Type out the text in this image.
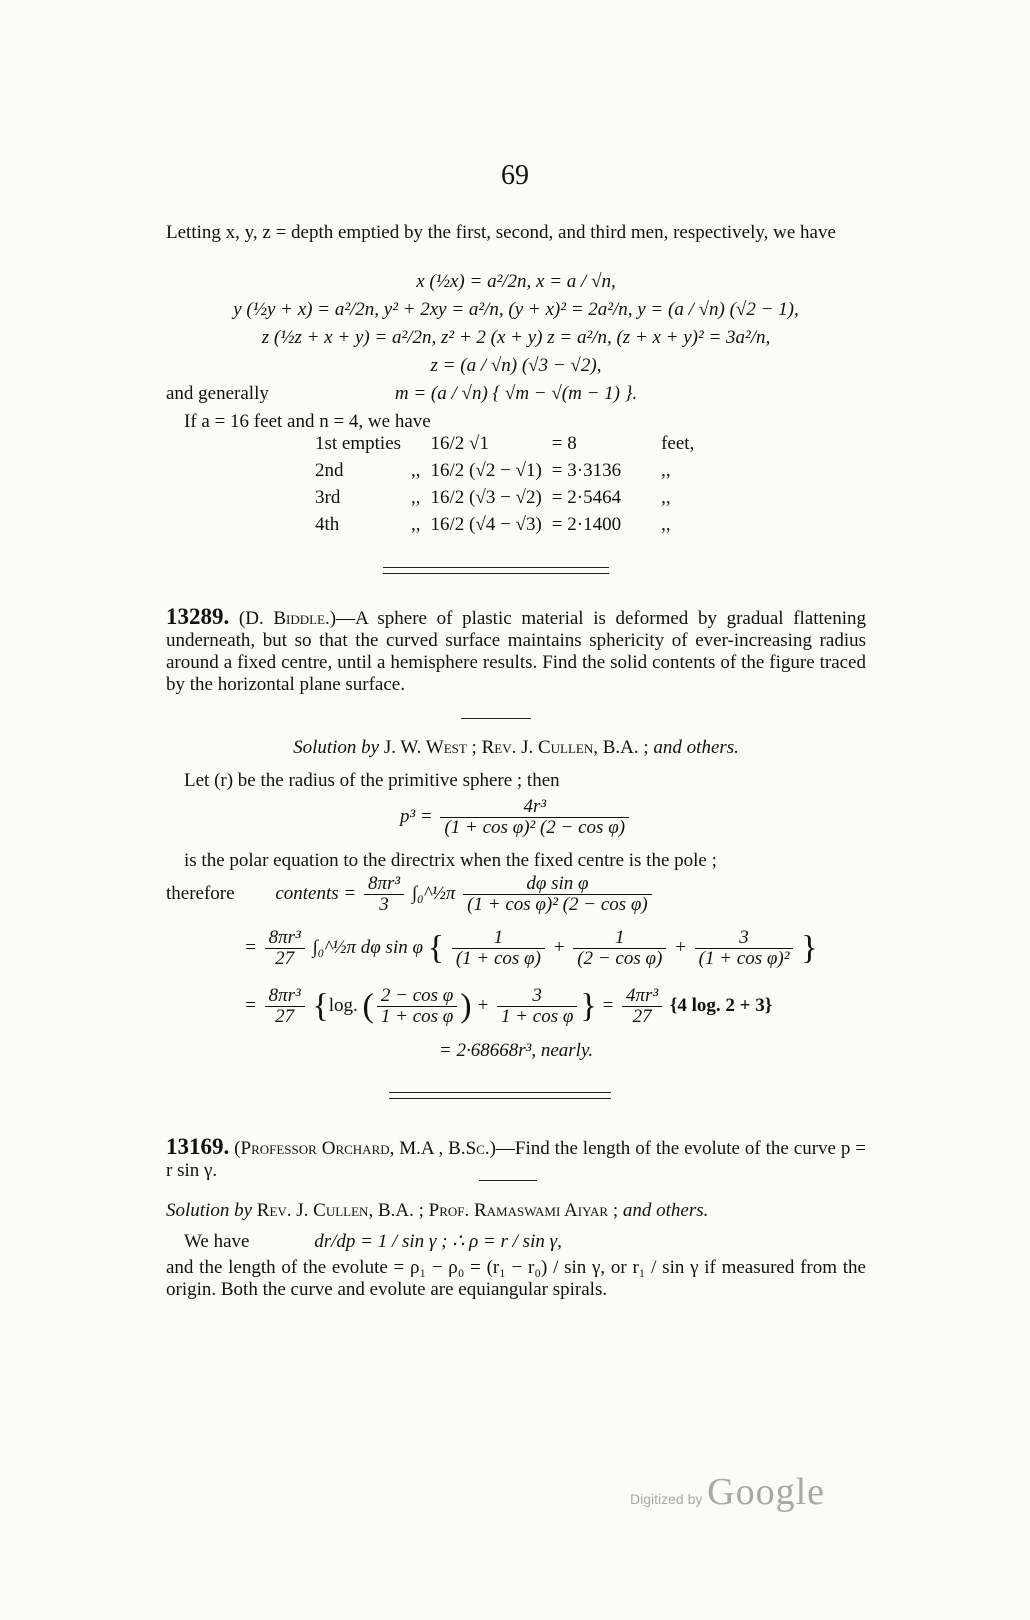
69
Letting x, y, z = depth emptied by the first, second, and third men, respectively, we have
x (½x) = a²/2n, x = a / √n,
y (½y + x) = a²/2n, y² + 2xy = a²/n, (y + x)² = 2a²/n, y = (a / √n) (√2 − 1),
z (½z + x + y) = a²/2n, z² + 2 (x + y) z = a²/n, (z + x + y)² = 3a²/n,
z = (a / √n) (√3 − √2),
and generally	m = (a / √n) { √m − √(m − 1) }.
If a = 16 feet and n = 4, we have
1st empties		16/2 √1	= 8	feet,
2nd	,,	16/2 (√2 − √1)	= 3·3136	,,
3rd	,,	16/2 (√3 − √2)	= 2·5464	,,
4th	,,	16/2 (√4 − √3)	= 2·1400	,,
13289. (D. Biddle.)—A sphere of plastic material is deformed by gradual flattening underneath, but so that the curved surface maintains sphericity of ever-increasing radius around a fixed centre, until a hemisphere results. Find the solid contents of the figure traced by the horizontal plane surface.
Solution by J. W. West ; Rev. J. Cullen, B.A. ; and others.
Let (r) be the radius of the primitive sphere ; then
$p^3 = \frac{\text{4r³}}{\text{(1 + cos φ)² (2 − cos φ)}}$
is the polar equation to the directrix when the fixed centre is the pole ;
therefore contents = $\frac{\text{8πr³}}{3}$ ∫₀^½π $\frac{\text{dφ sin φ}}{\text{(1 + cos φ)² (2 − cos φ)}}$
= $\frac{\text{8πr³}}{27}$ ∫₀^½π dφ sin φ { $\frac{1}{\text{(1 + cos φ)}} + \frac{1}{\text{(2 − cos φ)}} + \frac{3}{\text{(1 + cos φ)²}}$ }
= $\frac{\text{8πr³}}{27} \{\log$. ( $\frac{\text{2 − cos φ}}{\text{1 + cos φ}}$ ) + $\frac{3}{\text{1 + cos φ}}$ } = $\frac{\text{4πr³}}{27} \{4$ log. 2 + 3}
= 2·68668r³, nearly.
13169. (Professor Orchard, M.A , B.Sc.)—Find the length of the evolute of the curve p = r sin γ.
Solution by Rev. J. Cullen, B.A. ; Prof. Ramaswami Aiyar ; and others.
We have	dr/dp = 1 / sin γ ; ∴ ρ = r / sin γ,
and the length of the evolute = ρ₁ − ρ₀ = (r₁ − r₀) / sin γ, or r₁ / sin γ if measured from the origin. Both the curve and evolute are equiangular spirals.
Digitized by Google
